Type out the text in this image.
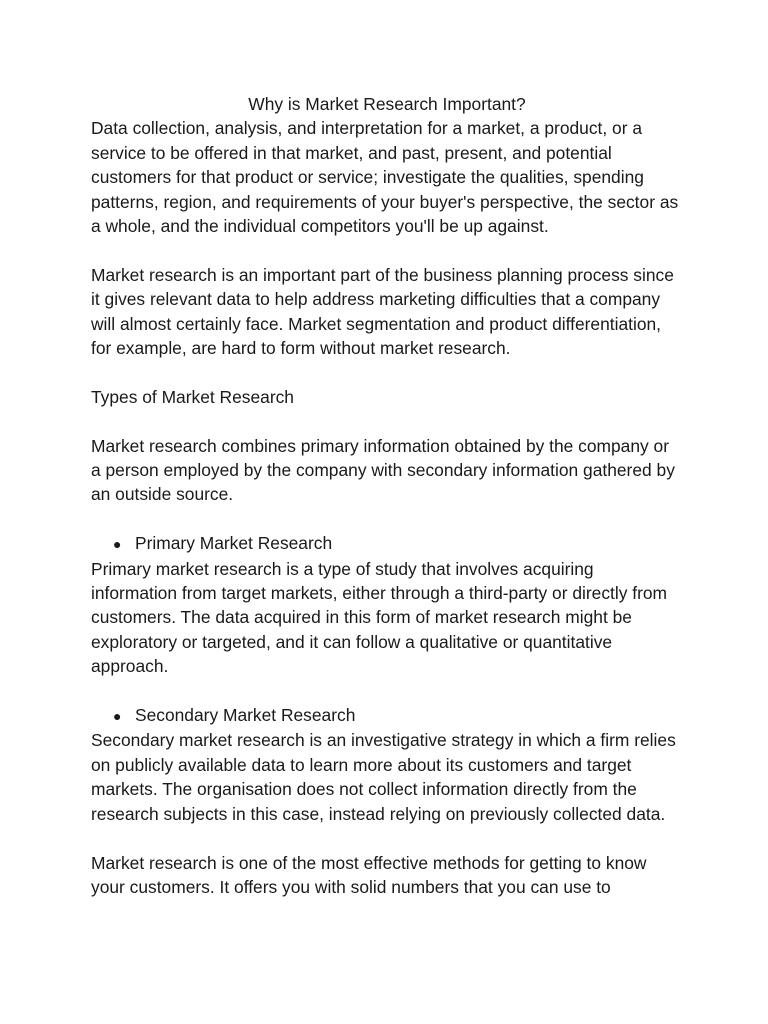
Why is Market Research Important?

Data collection, analysis, and interpretation for a market, a product, or a service to be offered in that market, and past, present, and potential customers for that product or service; investigate the qualities, spending patterns, region, and requirements of your buyer's perspective, the sector as a whole, and the individual competitors you'll be up against.

Market research is an important part of the business planning process since it gives relevant data to help address marketing difficulties that a company will almost certainly face. Market segmentation and product differentiation, for example, are hard to form without market research.

Types of Market Research

Market research combines primary information obtained by the company or a person employed by the company with secondary information gathered by an outside source.

● Primary Market Research

Primary market research is a type of study that involves acquiring information from target markets, either through a third-party or directly from customers. The data acquired in this form of market research might be exploratory or targeted, and it can follow a qualitative or quantitative approach.

● Secondary Market Research

Secondary market research is an investigative strategy in which a firm relies on publicly available data to learn more about its customers and target markets. The organisation does not collect information directly from the research subjects in this case, instead relying on previously collected data.

Market research is one of the most effective methods for getting to know your customers. It offers you with solid numbers that you can use to
